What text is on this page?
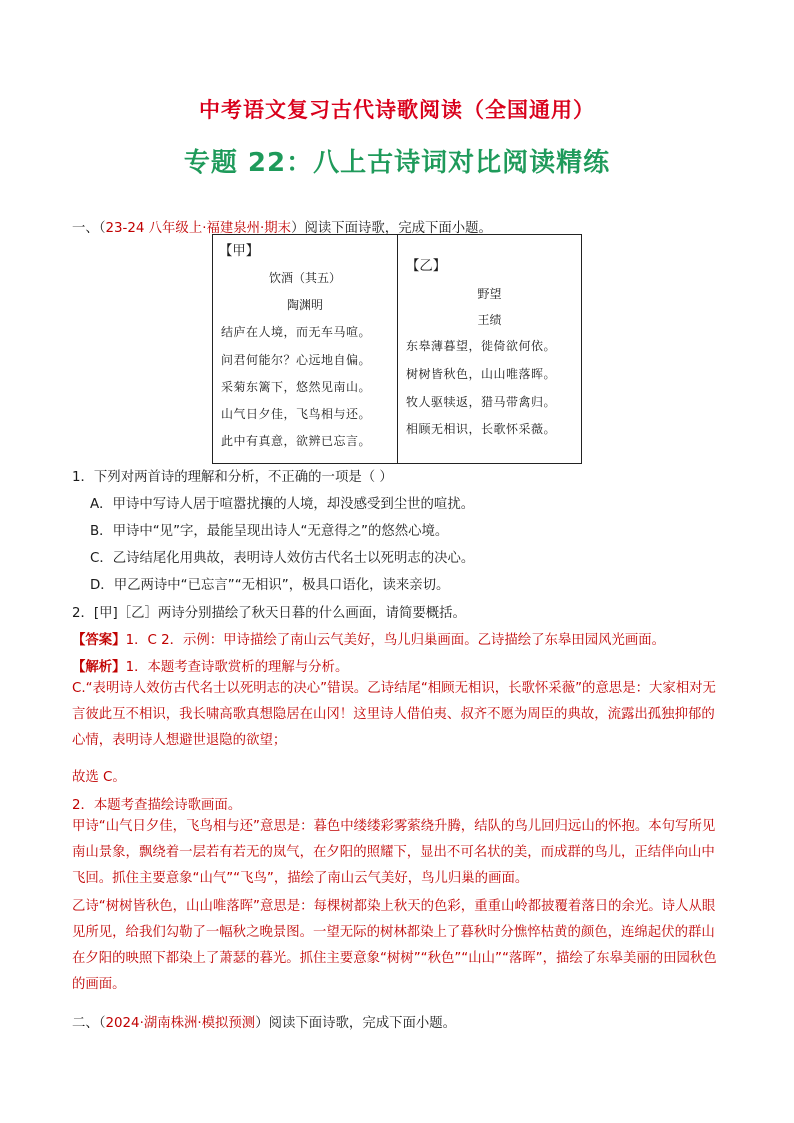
中考语文复习古代诗歌阅读（全国通用）
专题 22：八上古诗词对比阅读精练
一、（23-24 八年级上·福建泉州·期末）阅读下面诗歌，完成下面小题。
【甲】
饮酒（其五）
陶渊明
结庐在人境，而无车马喧。
问君何能尔？心远地自偏。
采菊东篱下，悠然见南山。
山气日夕佳，飞鸟相与还。
此中有真意，欲辨已忘言。
【乙】
野望
王绩
东皋薄暮望，徙倚欲何依。
树树皆秋色，山山唯落晖。
牧人驱犊返，猎马带禽归。
相顾无相识，长歌怀采薇。
1．下列对两首诗的理解和分析，不正确的一项是（ ）
A．甲诗中写诗人居于喧嚣扰攘的人境，却没感受到尘世的喧扰。
B．甲诗中“见”字，最能呈现出诗人“无意得之”的悠然心境。
C．乙诗结尾化用典故，表明诗人效仿古代名士以死明志的决心。
D．甲乙两诗中“已忘言”“无相识”，极具口语化，读来亲切。
2．[甲]［乙］两诗分别描绘了秋天日暮的什么画面，请简要概括。
【答案】1．C 2．示例：甲诗描绘了南山云气美好，鸟儿归巢画面。乙诗描绘了东皋田园风光画面。
【解析】1．本题考查诗歌赏析的理解与分析。
C.“表明诗人效仿古代名士以死明志的决心”错误。乙诗结尾“相顾无相识，长歌怀采薇”的意思是：大家相对无言彼此互不相识，我长啸高歌真想隐居在山冈！这里诗人借伯夷、叔齐不愿为周臣的典故，流露出孤独抑郁的心情，表明诗人想避世退隐的欲望；
故选 C。
2．本题考查描绘诗歌画面。
甲诗“山气日夕佳，飞鸟相与还”意思是：暮色中缕缕彩雾萦绕升腾，结队的鸟儿回归远山的怀抱。本句写所见南山景象，飘绕着一层若有若无的岚气，在夕阳的照耀下，显出不可名状的美，而成群的鸟儿，正结伴向山中飞回。抓住主要意象“山气”“飞鸟”，描绘了南山云气美好，鸟儿归巢的画面。
乙诗“树树皆秋色，山山唯落晖”意思是：每棵树都染上秋天的色彩，重重山岭都披覆着落日的余光。诗人从眼见所见，给我们勾勒了一幅秋之晚景图。一望无际的树林都染上了暮秋时分憔悴枯黄的颜色，连绵起伏的群山在夕阳的映照下都染上了萧瑟的暮光。抓住主要意象“树树”“秋色”“山山”“落晖”，描绘了东皋美丽的田园秋色的画面。
二、（2024·湖南株洲·模拟预测）阅读下面诗歌，完成下面小题。
